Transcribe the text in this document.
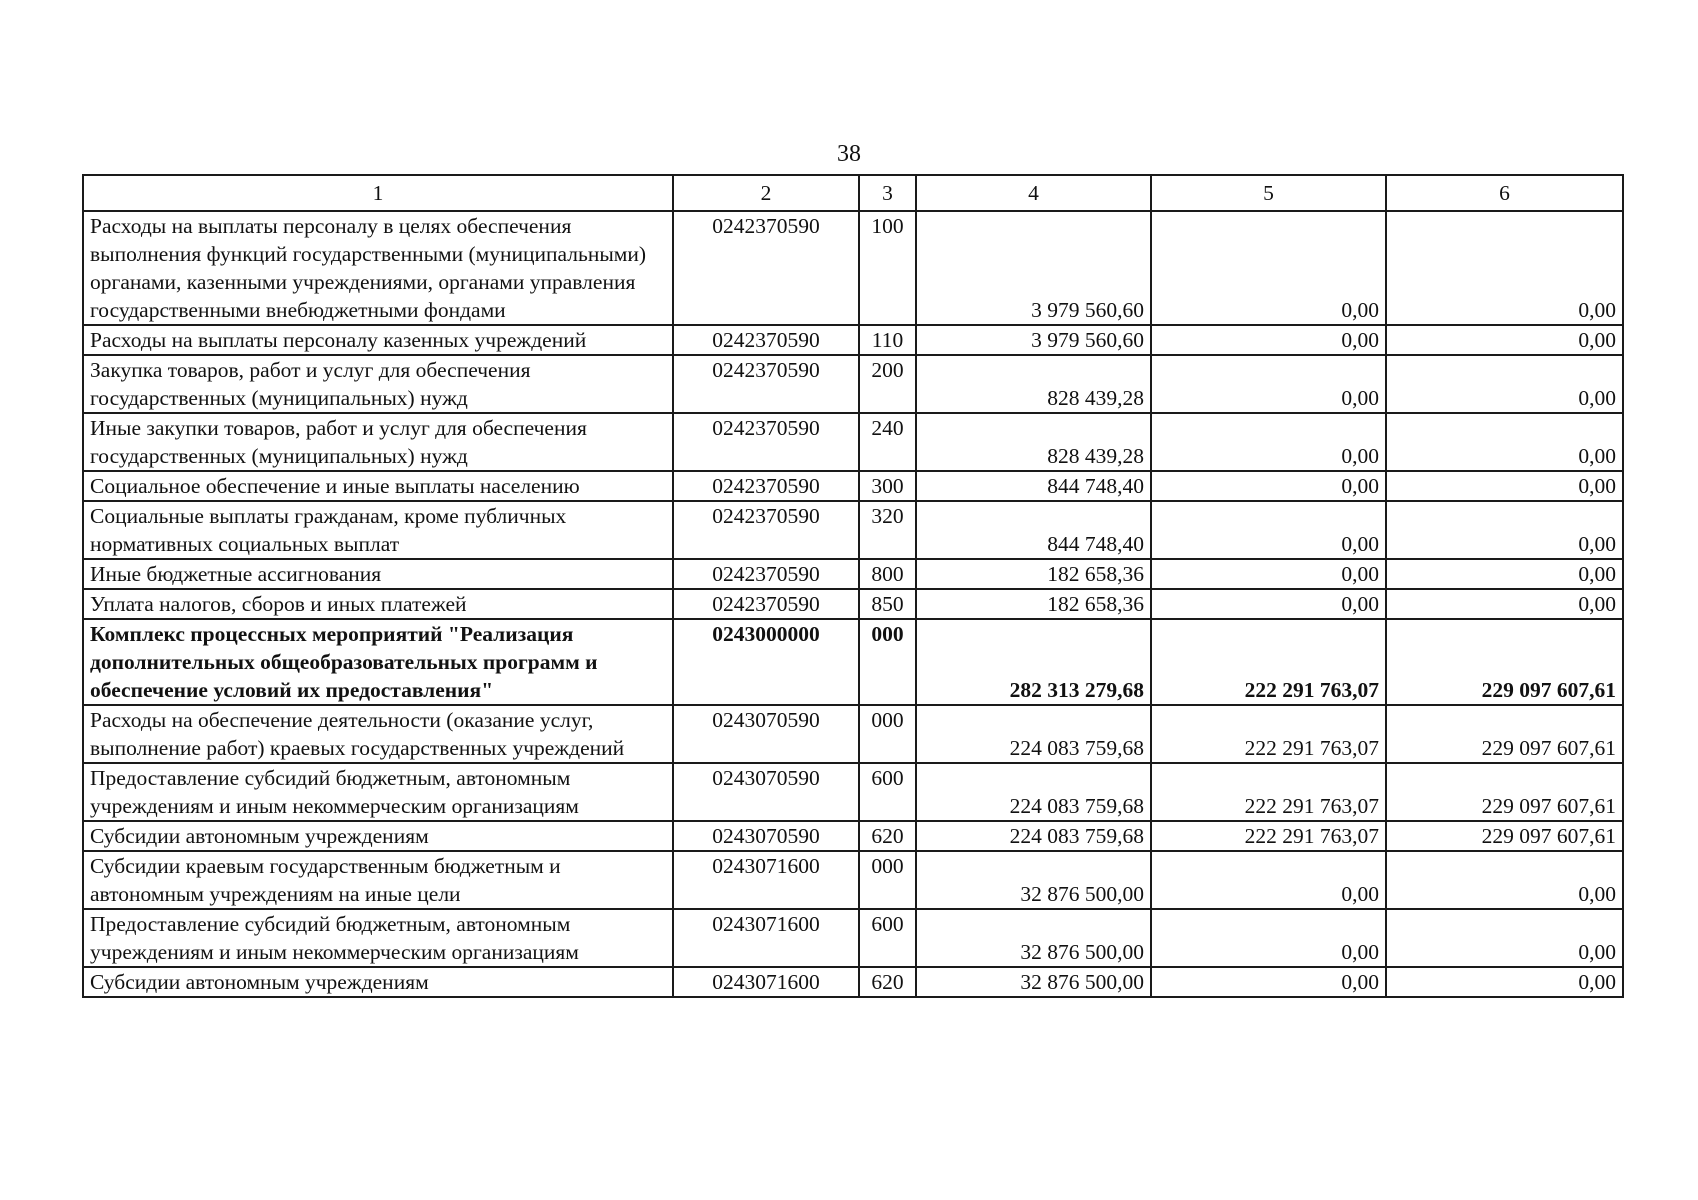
38
1	2	3	4	5	6
Расходы на выплаты персоналу в целях обеспечения выполнения функций государственными (муниципальными) органами, казенными учреждениями, органами управления государственными внебюджетными фондами	0242370590	100	3 979 560,60	0,00	0,00
Расходы на выплаты персоналу казенных учреждений	0242370590	110	3 979 560,60	0,00	0,00
Закупка товаров, работ и услуг для обеспечения государственных (муниципальных) нужд	0242370590	200	828 439,28	0,00	0,00
Иные закупки товаров, работ и услуг для обеспечения государственных (муниципальных) нужд	0242370590	240	828 439,28	0,00	0,00
Социальное обеспечение и иные выплаты населению	0242370590	300	844 748,40	0,00	0,00
Социальные выплаты гражданам, кроме публичных нормативных социальных выплат	0242370590	320	844 748,40	0,00	0,00
Иные бюджетные ассигнования	0242370590	800	182 658,36	0,00	0,00
Уплата налогов, сборов и иных платежей	0242370590	850	182 658,36	0,00	0,00
Комплекс процессных мероприятий "Реализация дополнительных общеобразовательных программ и обеспечение условий их предоставления"	0243000000	000	282 313 279,68	222 291 763,07	229 097 607,61
Расходы на обеспечение деятельности (оказание услуг, выполнение работ) краевых государственных учреждений	0243070590	000	224 083 759,68	222 291 763,07	229 097 607,61
Предоставление субсидий бюджетным, автономным учреждениям и иным некоммерческим организациям	0243070590	600	224 083 759,68	222 291 763,07	229 097 607,61
Субсидии автономным учреждениям	0243070590	620	224 083 759,68	222 291 763,07	229 097 607,61
Субсидии краевым государственным бюджетным и автономным учреждениям на иные цели	0243071600	000	32 876 500,00	0,00	0,00
Предоставление субсидий бюджетным, автономным учреждениям и иным некоммерческим организациям	0243071600	600	32 876 500,00	0,00	0,00
Субсидии автономным учреждениям	0243071600	620	32 876 500,00	0,00	0,00
